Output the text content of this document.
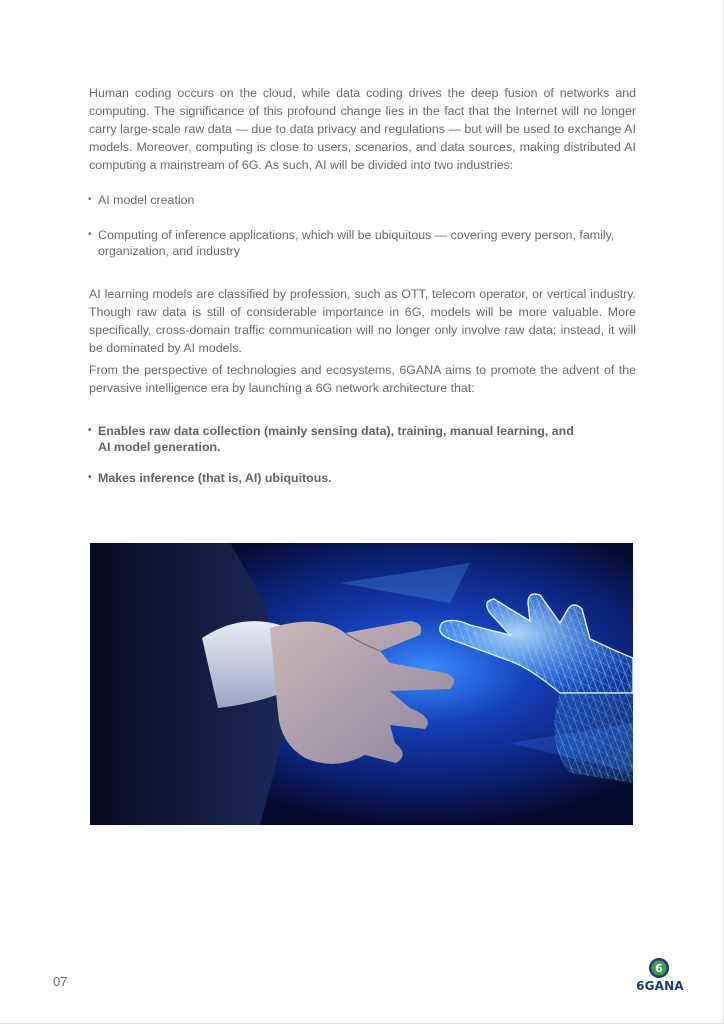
Human coding occurs on the cloud, while data coding drives the deep fusion of networks and computing. The significance of this profound change lies in the fact that the Internet will no longer carry large-scale raw data — due to data privacy and regulations — but will be used to exchange AI models. Moreover, computing is close to users, scenarios, and data sources, making distributed AI computing a mainstream of 6G. As such, AI will be divided into two industries:

• AI model creation
• Computing of inference applications, which will be ubiquitous — covering every person, family, organization, and industry

AI learning models are classified by profession, such as OTT, telecom operator, or vertical industry. Though raw data is still of considerable importance in 6G, models will be more valuable. More specifically, cross-domain traffic communication will no longer only involve raw data; instead, it will be dominated by AI models.

From the perspective of technologies and ecosystems, 6GANA aims to promote the advent of the pervasive intelligence era by launching a 6G network architecture that:

• Enables raw data collection (mainly sensing data), training, manual learning, and AI model generation.
• Makes inference (that is, AI) ubiquitous.
07
6
6GANA
